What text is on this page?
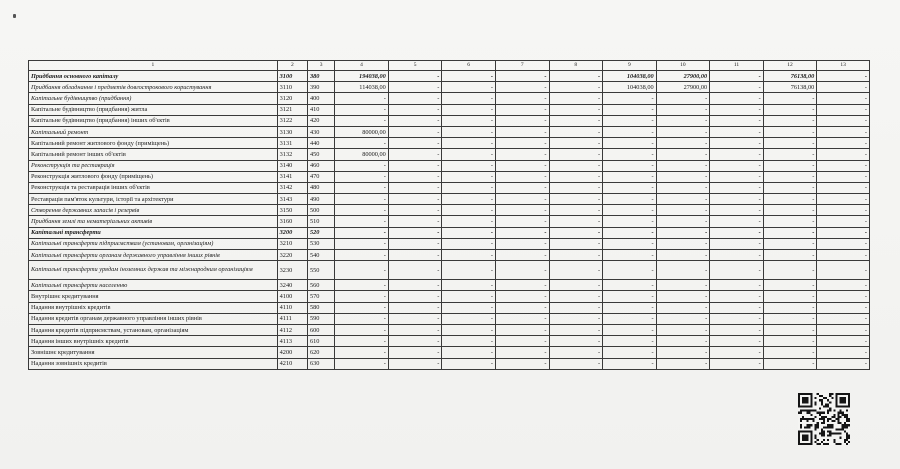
1	2	3	4	5	6	7	8	9	10	11	12	13
Придбання основного капіталу	3100	380	194038,00	-	-	-	-	104038,00	27900,00	-	76138,00	-
Придбання обладнання і предметів довгострокового користування	3110	390	114038,00	-	-	-	-	104038,00	27900,00	-	76138,00	-
Капітальне будівництво (придбання)	3120	400	-	-	-	-	-	-	-	-	-	-
Капітальне будівництво (придбання) житла	3121	410	-	-	-	-	-	-	-	-	-	-
Капітальне будівництво (придбання) інших об'єктів	3122	420	-	-	-	-	-	-	-	-	-	-
Капітальний ремонт	3130	430	80000,00	-	-	-	-	-	-	-	-	-
Капітальний ремонт житлового фонду (приміщень)	3131	440	-	-	-	-	-	-	-	-	-	-
Капітальний ремонт інших об'єктів	3132	450	80000,00	-	-	-	-	-	-	-	-	-
Реконструкція та реставрація	3140	460	-	-	-	-	-	-	-	-	-	-
Реконструкція житлового фонду (приміщень)	3141	470	-	-	-	-	-	-	-	-	-	-
Реконструкція та реставрація інших об'єктів	3142	480	-	-	-	-	-	-	-	-	-	-
Реставрація пам'яток культури, історії та архітектури	3143	490	-	-	-	-	-	-	-	-	-	-
Створення державних запасів і резервів	3150	500	-	-	-	-	-	-	-	-	-	-
Придбання землі та нематеріальних активів	3160	510	-	-	-	-	-	-	-	-	-	-
Капітальні трансферти	3200	520	-	-	-	-	-	-	-	-	-	-
Капітальні трансферти підприємствам (установам, організаціям)	3210	530	-	-	-	-	-	-	-	-	-	-
Капітальні трансферти органам державного управління інших рівнів	3220	540	-	-	-	-	-	-	-	-	-	-
Капітальні трансферти урядам іноземних держав та міжнародним організаціям	3230	550	-	-	-	-	-	-	-	-	-	-
Капітальні трансферти населенню	3240	560	-	-	-	-	-	-	-	-	-	-
Внутрішнє кредитування	4100	570	-	-	-	-	-	-	-	-	-	-
Надання внутрішніх кредитів	4110	580	-	-	-	-	-	-	-	-	-	-
Надання кредитів органам державного управління інших рівнів	4111	590	-	-	-	-	-	-	-	-	-	-
Надання кредитів підприємствам, установам, організаціям	4112	600	-	-	-	-	-	-	-	-	-	-
Надання інших внутрішніх кредитів	4113	610	-	-	-	-	-	-	-	-	-	-
Зовнішнє кредитування	4200	620	-	-	-	-	-	-	-	-	-	-
Надання зовнішніх кредитів	4210	630	-	-	-	-	-	-	-	-	-	-
